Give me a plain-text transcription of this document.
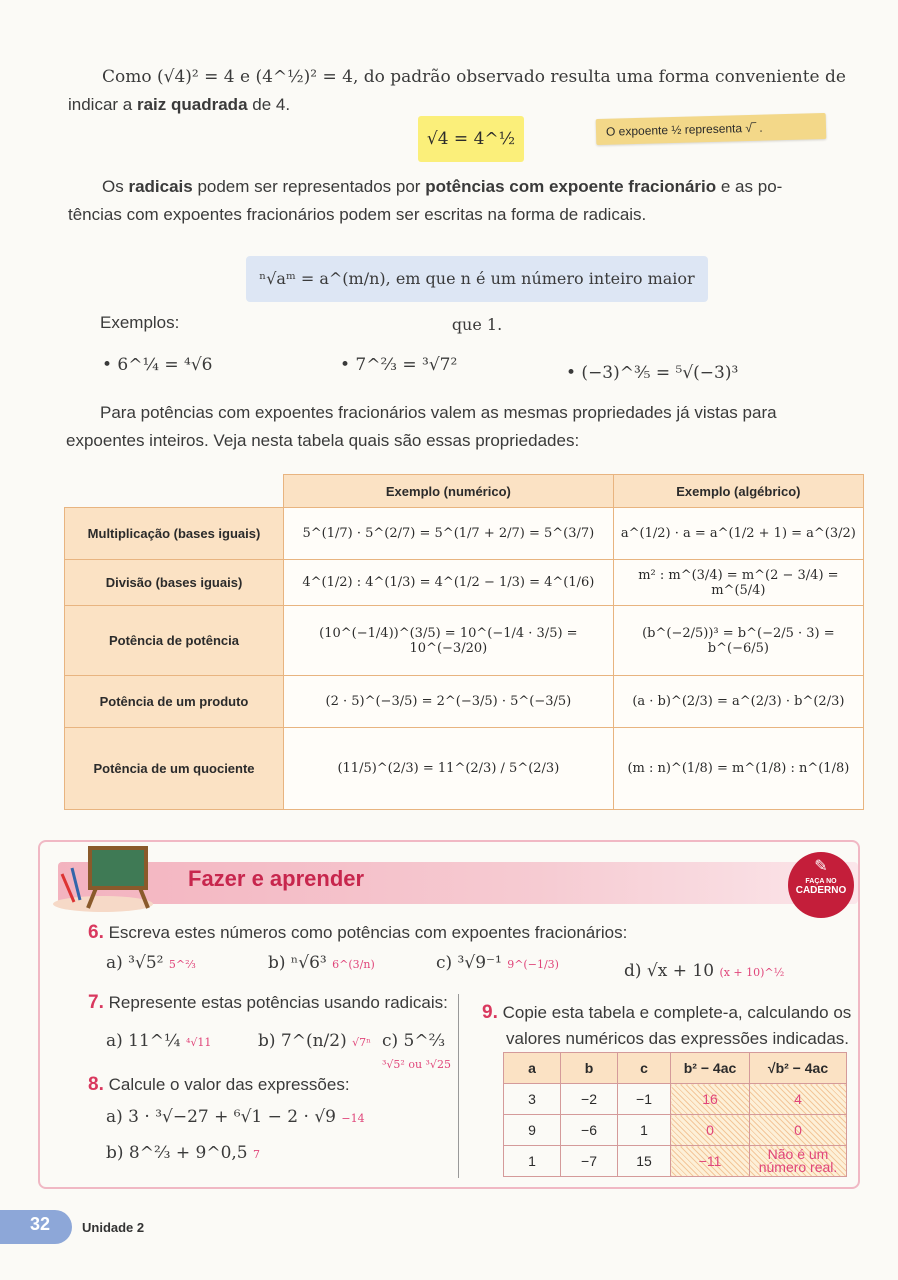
Como (√4)² = 4 e (4^½)² = 4, do padrão observado resulta uma forma conveniente de
indicar a raiz quadrada de 4.
√4 = 4^½	O expoente ½ representa √‾ .
Os radicais podem ser representados por potências com expoente fracionário e as po-
tências com expoentes fracionários podem ser escritas na forma de radicais.
ⁿ√aᵐ = a^(m/n), em que n é um número inteiro maior que 1.
Exemplos:
• 6^¼ = ⁴√6	• 7^⅔ = ³√7²	• (−3)^⅗ = ⁵√(−3)³
Para potências com expoentes fracionários valem as mesmas propriedades já vistas para
expoentes inteiros. Veja nesta tabela quais são essas propriedades:
	Exemplo (numérico)	Exemplo (algébrico)
Multiplicação (bases iguais)	5^(1/7) · 5^(2/7) = 5^(1/7 + 2/7) = 5^(3/7)	a^(1/2) · a = a^(1/2 + 1) = a^(3/2)
Divisão (bases iguais)	4^(1/2) : 4^(1/3) = 4^(1/2 − 1/3) = 4^(1/6)	m² : m^(3/4) = m^(2 − 3/4) = m^(5/4)
Potência de potência	(10^(−1/4))^(3/5) = 10^(−1/4 · 3/5) = 10^(−3/20)	(b^(−2/5))³ = b^(−2/5 · 3) = b^(−6/5)
Potência de um produto	(2 · 5)^(−3/5) = 2^(−3/5) · 5^(−3/5)	(a · b)^(2/3) = a^(2/3) · b^(2/3)
Potência de um quociente	(11/5)^(2/3) = 11^(2/3) / 5^(2/3)	(m : n)^(1/8) = m^(1/8) : n^(1/8)
Fazer e aprender	✎
FAÇA NO
CADERNO
6. Escreva estes números como potências com expoentes fracionários:
a) ³√5² 5^⅔	b) ⁿ√6³ 6^(3/n)	c) ³√9⁻¹ 9^(−1/3)	d) √x + 10 (x + 10)^½
7. Represente estas potências usando radicais:
a) 11^¼ ⁴√11	b) 7^(n/2) √7ⁿ c) 5^⅔
³√5² ou ³√25
8. Calcule o valor das expressões:
a) 3 · ³√−27 + ⁶√1 − 2 · √9 −14
b) 8^⅔ + 9^0,5 7
9. Copie esta tabela e complete-a, calculando os
valores numéricos das expressões indicadas.
a	b	c	b² − 4ac	√b² − 4ac
3	−2	−1	16	4
9	−6	1	0	0
1	−7	15	−11	Não é um número real.
32 Unidade 2
